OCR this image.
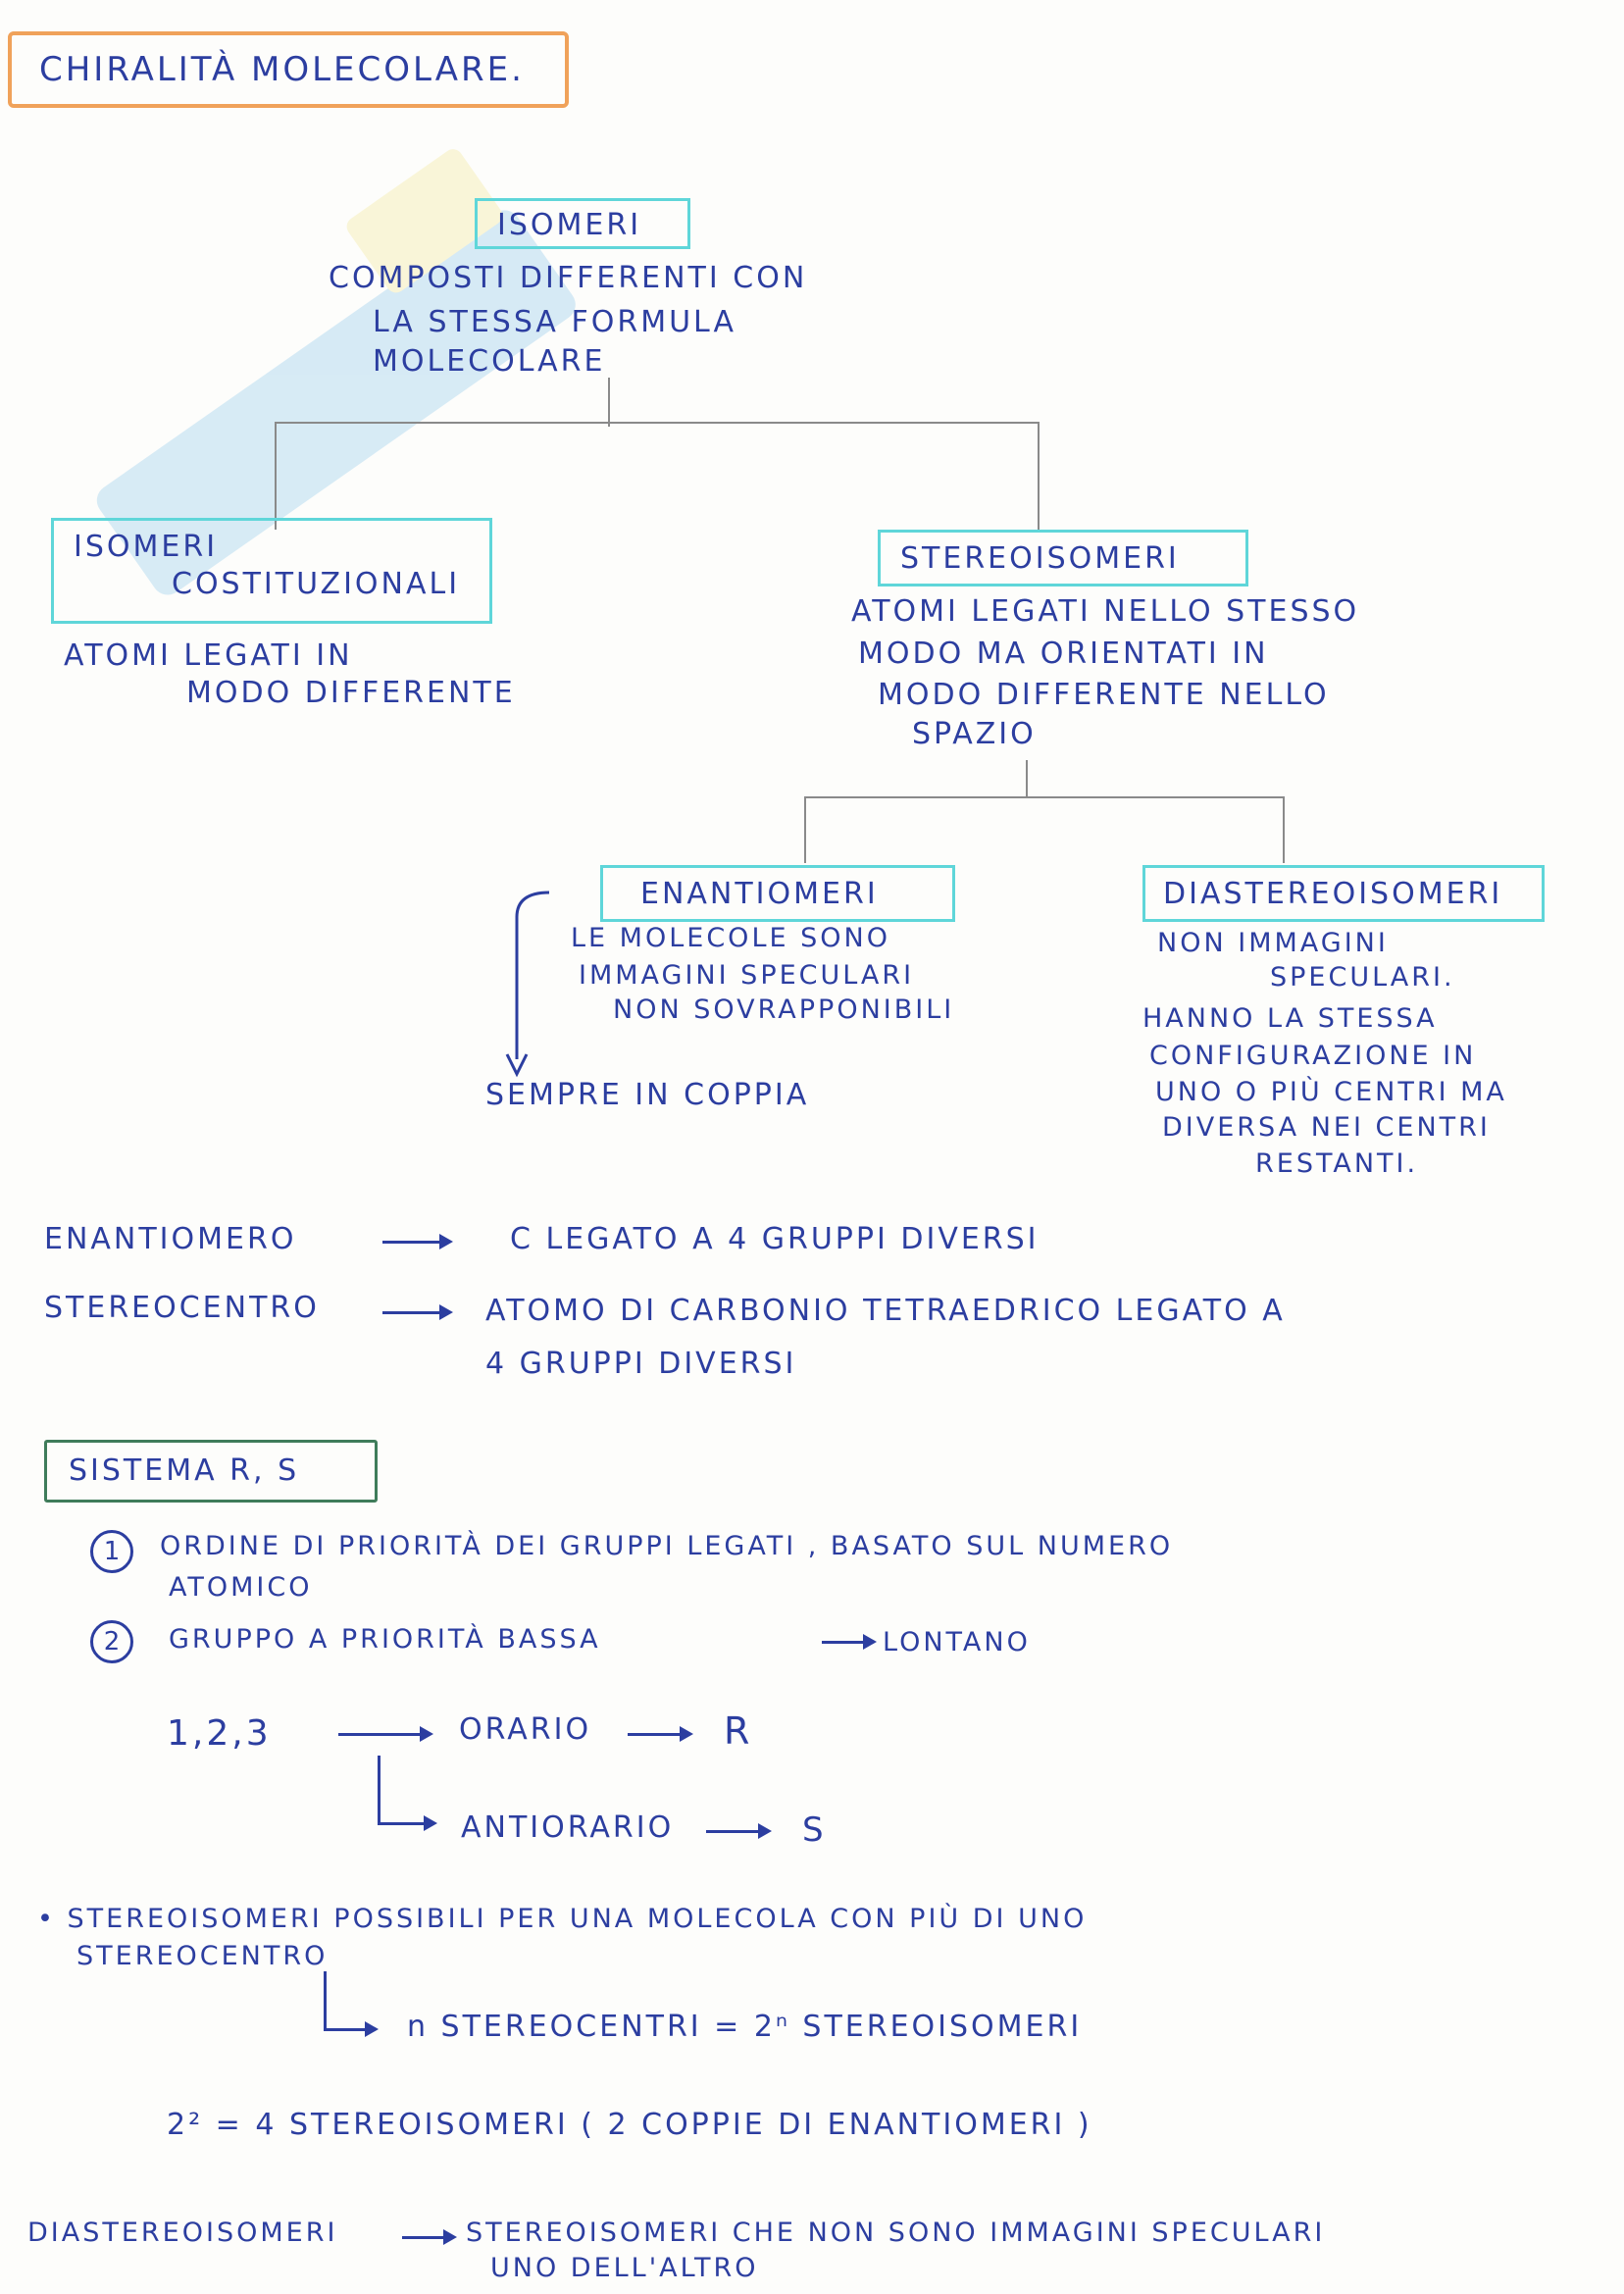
CHIRALITÀ MOLECOLARE.
ISOMERI
COMPOSTI DIFFERENTI CON
LA STESSA FORMULA
MOLECOLARE
ISOMERI
COSTITUZIONALI
ATOMI LEGATI IN
MODO DIFFERENTE
STEREOISOMERI
ATOMI LEGATI NELLO STESSO
MODO MA ORIENTATI IN
MODO DIFFERENTE NELLO
SPAZIO
ENANTIOMERI
LE MOLECOLE SONO
IMMAGINI SPECULARI
NON SOVRAPPONIBILI
SEMPRE IN COPPIA
DIASTEREOISOMERI
NON IMMAGINI
SPECULARI.
HANNO LA STESSA
CONFIGURAZIONE IN
UNO O PIÙ CENTRI MA
DIVERSA NEI CENTRI
RESTANTI.
ENANTIOMERO	C LEGATO A 4 GRUPPI DIVERSI
STEREOCENTRO	ATOMO DI CARBONIO TETRAEDRICO LEGATO A
4 GRUPPI DIVERSI
SISTEMA R, S
1	ORDINE DI PRIORITÀ DEI GRUPPI LEGATI , BASATO SUL NUMERO
ATOMICO
2	GRUPPO A PRIORITÀ BASSA	LONTANO
1,2,3	ORARIO	R
ANTIORARIO	S
• STEREOISOMERI POSSIBILI PER UNA MOLECOLA CON PIÙ DI UNO
STEREOCENTRO
n STEREOCENTRI = 2ⁿ STEREOISOMERI
2² = 4 STEREOISOMERI ( 2 COPPIE DI ENANTIOMERI )
DIASTEREOISOMERI	STEREOISOMERI CHE NON SONO IMMAGINI SPECULARI
UNO DELL'ALTRO
